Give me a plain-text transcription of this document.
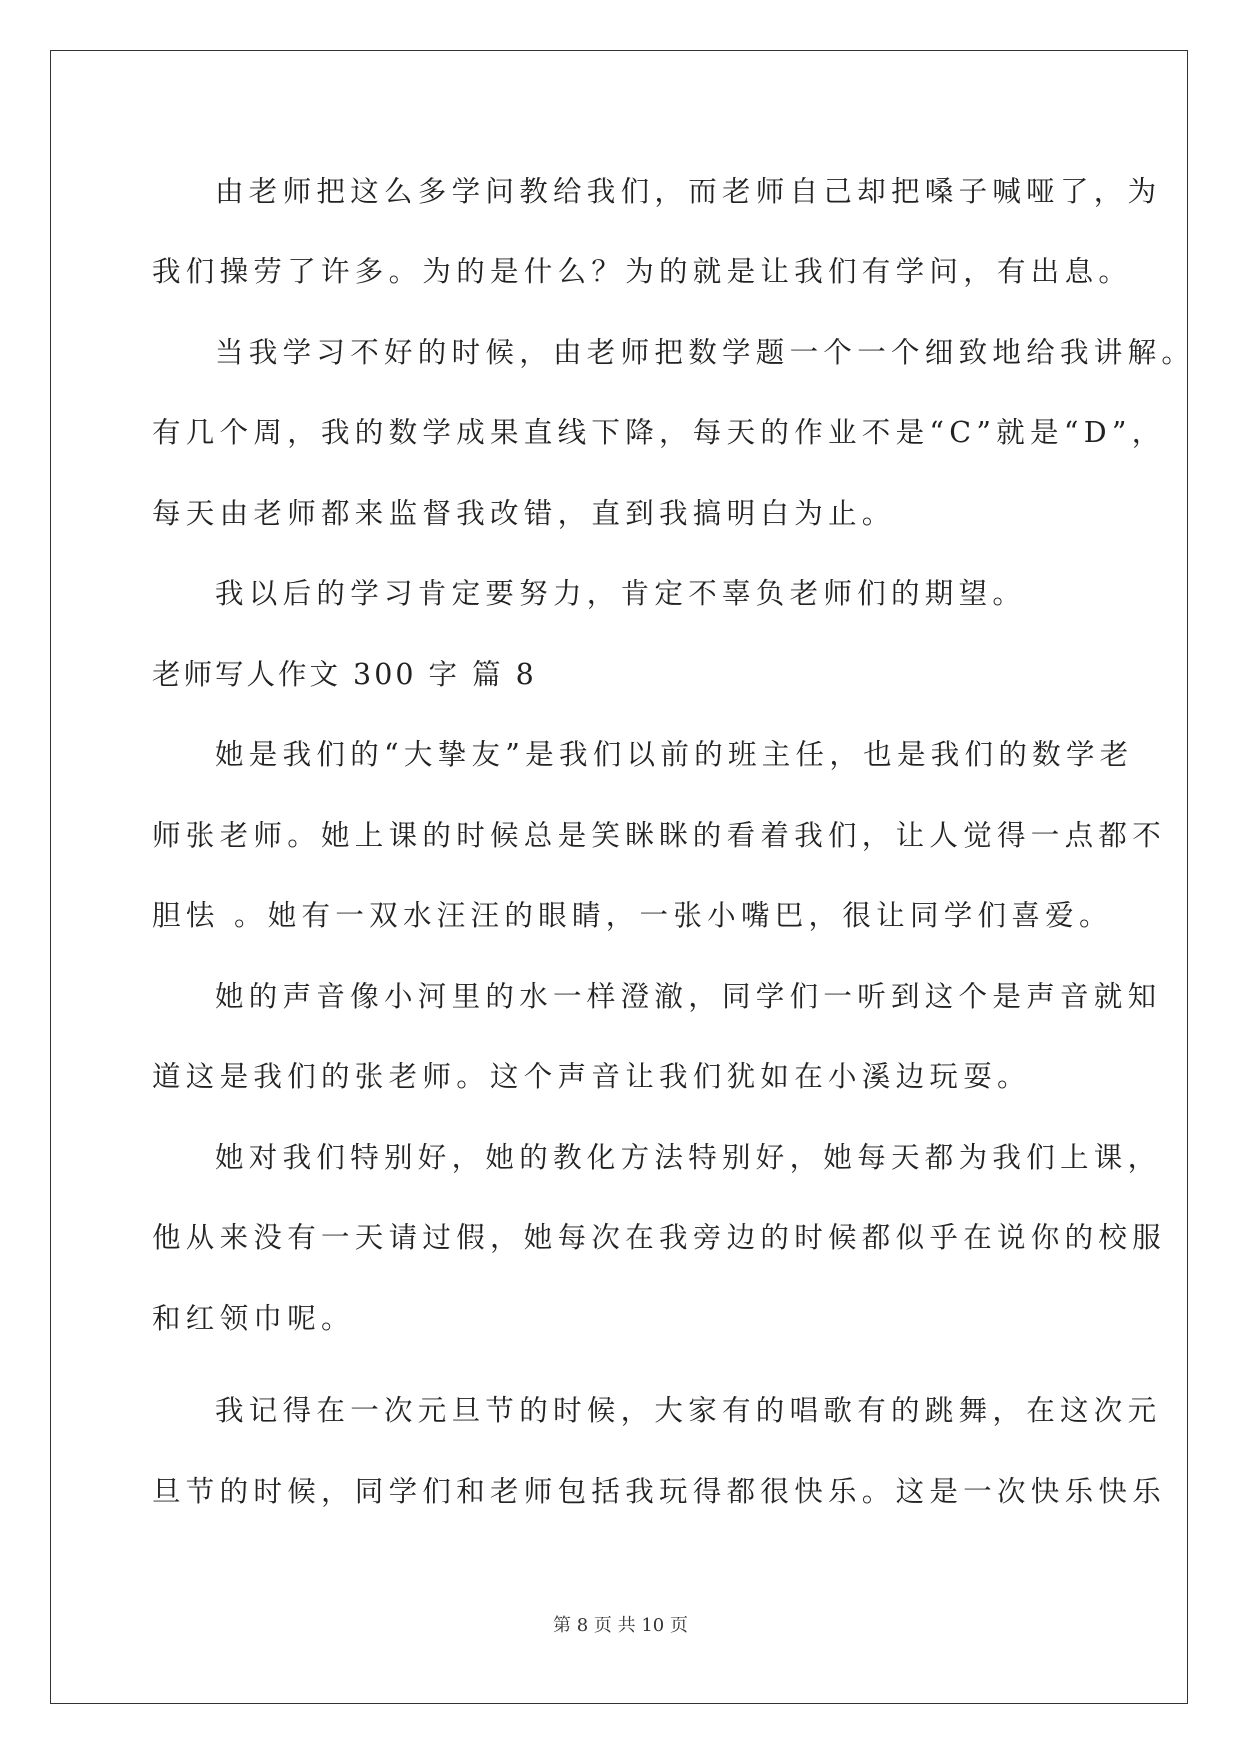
由老师把这么多学问教给我们，而老师自己却把嗓子喊哑了，为
我们操劳了许多。为的是什么？为的就是让我们有学问，有出息。
当我学习不好的时候，由老师把数学题一个一个细致地给我讲解。
有几个周，我的数学成果直线下降，每天的作业不是“C”就是“D”，
每天由老师都来监督我改错，直到我搞明白为止。
我以后的学习肯定要努力，肯定不辜负老师们的期望。
老师写人作文 300 字 篇 8
她是我们的“大挚友”是我们以前的班主任，也是我们的数学老
师张老师。她上课的时候总是笑眯眯的看着我们，让人觉得一点都不
胆怯 。她有一双水汪汪的眼睛，一张小嘴巴，很让同学们喜爱。
她的声音像小河里的水一样澄澈，同学们一听到这个是声音就知
道这是我们的张老师。这个声音让我们犹如在小溪边玩耍。
她对我们特别好，她的教化方法特别好，她每天都为我们上课，
他从来没有一天请过假，她每次在我旁边的时候都似乎在说你的校服
和红领巾呢。
我记得在一次元旦节的时候，大家有的唱歌有的跳舞，在这次元
旦节的时候，同学们和老师包括我玩得都很快乐。这是一次快乐快乐
第 8 页 共 10 页
